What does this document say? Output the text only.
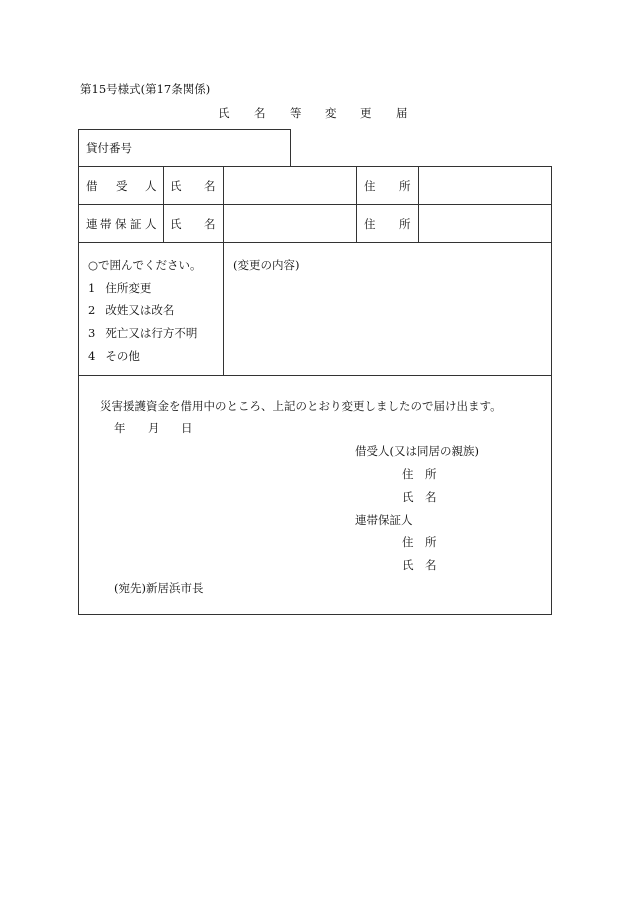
第15号様式(第17条関係)
氏 名 等 変 更 届
貸付番号
借 受 人 氏 名	住 所
連 帯 保 証 人 氏 名	住 所
○で囲んでください。
1 住所変更
2 改姓又は改名
3 死亡又は行方不明
4 その他
(変更の内容)
災害援護資金を借用中のところ、上記のとおり変更しましたので届け出ます。
年 月 日
借受人(又は同居の親族)
住 所
氏 名
連帯保証人
住 所
氏 名
(宛先)新居浜市長
